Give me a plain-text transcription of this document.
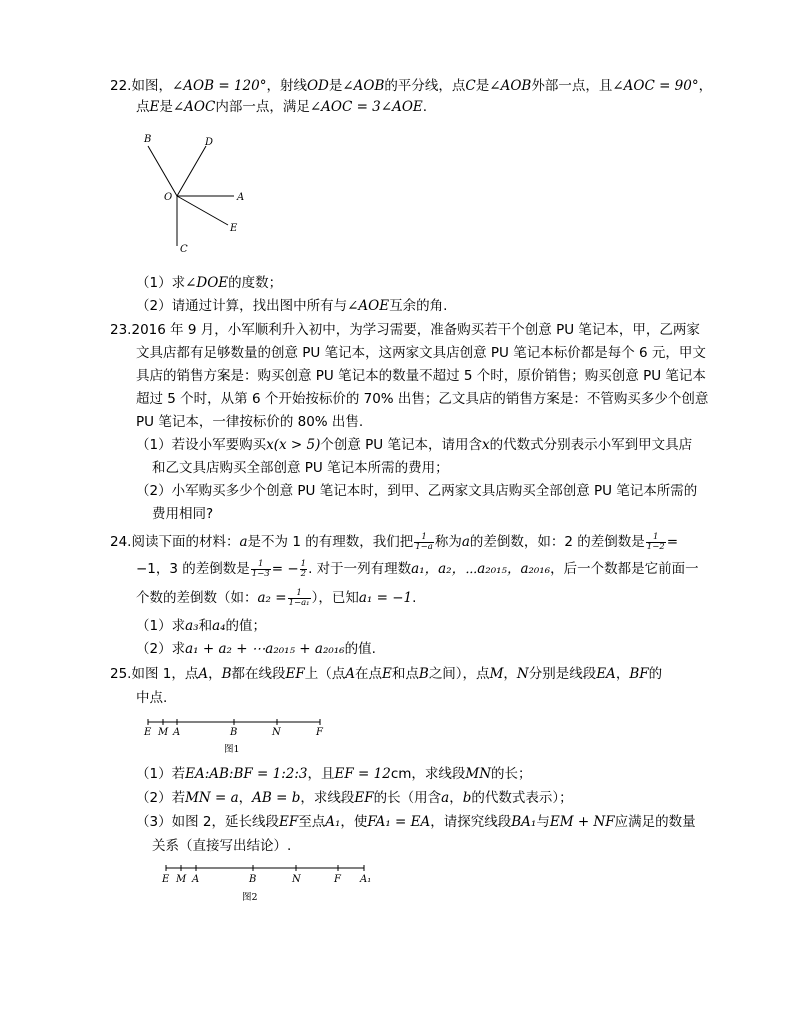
22.如图，∠AOB = 120°，射线OD是∠AOB的平分线，点C是∠AOB外部一点，且∠AOC = 90°，
点E是∠AOC内部一点，满足∠AOC = 3∠AOE.
B	D
O	A
E
C
（1）求∠DOE的度数；
（2）请通过计算，找出图中所有与∠AOE互余的角.
23.2016 年 9 月，小军顺利升入初中，为学习需要，准备购买若干个创意 PU 笔记本，甲，乙两家
文具店都有足够数量的创意 PU 笔记本，这两家文具店创意 PU 笔记本标价都是每个 6 元，甲文
具店的销售方案是：购买创意 PU 笔记本的数量不超过 5 个时，原价销售；购买创意 PU 笔记本
超过 5 个时，从第 6 个开始按标价的 70% 出售；乙文具店的销售方案是：不管购买多少个创意
PU 笔记本，一律按标价的 80% 出售.
（1）若设小军要购买x(x > 5)个创意 PU 笔记本，请用含x的代数式分别表示小军到甲文具店
和乙文具店购买全部创意 PU 笔记本所需的费用；
（2）小军购买多少个创意 PU 笔记本时，到甲、乙两家文具店购买全部创意 PU 笔记本所需的
费用相同?
24.阅读下面的材料：a是不为 1 的有理数，我们把 $\frac{1}{1-a}$ 称为a的差倒数，如：2 的差倒数是 $\frac{1}{1-2}$ =
−1，3 的差倒数是 $\frac{1}{1-3}$ = − $\frac{1}{2}$ . 对于一列有理数a₁，a₂，⋯a₂₀₁₅，a₂₀₁₆，后一个数都是它前面一
个数的差倒数（如：$a_2 = \frac{1}{\text{1−a₁}}$ ），已知a₁ = −1.
（1）求a₃和a₄的值；
（2）求a₁ + a₂ + ⋯a₂₀₁₅ + a₂₀₁₆的值.
25.如图 1，点A，B都在线段EF上（点A在点E和点B之间），点M，N分别是线段EA，BF的
中点.
E M A	B	N	F
图1
（1）若EA:AB:BF = 1:2:3，且EF = 12cm，求线段MN的长；
（2）若MN = a，AB = b，求线段EF的长（用含a，b的代数式表示）；
（3）如图 2，延长线段EF至点A₁，使FA₁ = EA，请探究线段BA₁与EM + NF应满足的数量
关系（直接写出结论）.
E M A	B	N	F A₁
图2
